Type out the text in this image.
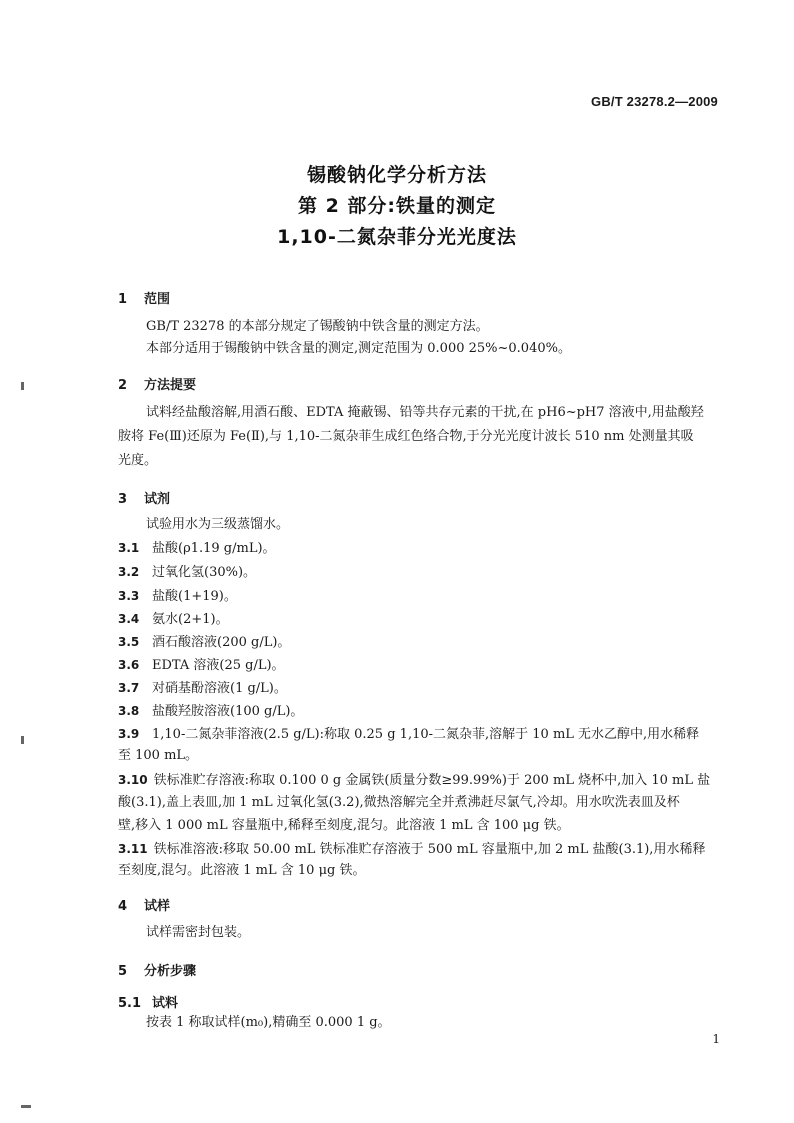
GB/T 23278.2—2009
锡酸钠化学分析方法
第 2 部分:铁量的测定
1,10-二氮杂菲分光光度法
1 范围
GB/T 23278 的本部分规定了锡酸钠中铁含量的测定方法。
本部分适用于锡酸钠中铁含量的测定,测定范围为 0.000 25%~0.040%。
2 方法提要
试料经盐酸溶解,用酒石酸、EDTA 掩蔽锡、铅等共存元素的干扰,在 pH6~pH7 溶液中,用盐酸羟
胺将 Fe(Ⅲ)还原为 Fe(Ⅱ),与 1,10-二氮杂菲生成红色络合物,于分光光度计波长 510 nm 处测量其吸
光度。
3 试剂
试验用水为三级蒸馏水。
3.1 盐酸(ρ1.19 g/mL)。
3.2 过氧化氢(30%)。
3.3 盐酸(1+19)。
3.4 氨水(2+1)。
3.5 酒石酸溶液(200 g/L)。
3.6 EDTA 溶液(25 g/L)。
3.7 对硝基酚溶液(1 g/L)。
3.8 盐酸羟胺溶液(100 g/L)。
3.9 1,10-二氮杂菲溶液(2.5 g/L):称取 0.25 g 1,10-二氮杂菲,溶解于 10 mL 无水乙醇中,用水稀释
至 100 mL。
3.10 铁标准贮存溶液:称取 0.100 0 g 金属铁(质量分数≥99.99%)于 200 mL 烧杯中,加入 10 mL 盐
酸(3.1),盖上表皿,加 1 mL 过氧化氢(3.2),微热溶解完全并煮沸赶尽氯气,冷却。用水吹洗表皿及杯
壁,移入 1 000 mL 容量瓶中,稀释至刻度,混匀。此溶液 1 mL 含 100 μg 铁。
3.11 铁标准溶液:移取 50.00 mL 铁标准贮存溶液于 500 mL 容量瓶中,加 2 mL 盐酸(3.1),用水稀释
至刻度,混匀。此溶液 1 mL 含 10 μg 铁。
4 试样
试样需密封包装。
5 分析步骤
5.1 试料
按表 1 称取试样(m₀),精确至 0.000 1 g。
1
